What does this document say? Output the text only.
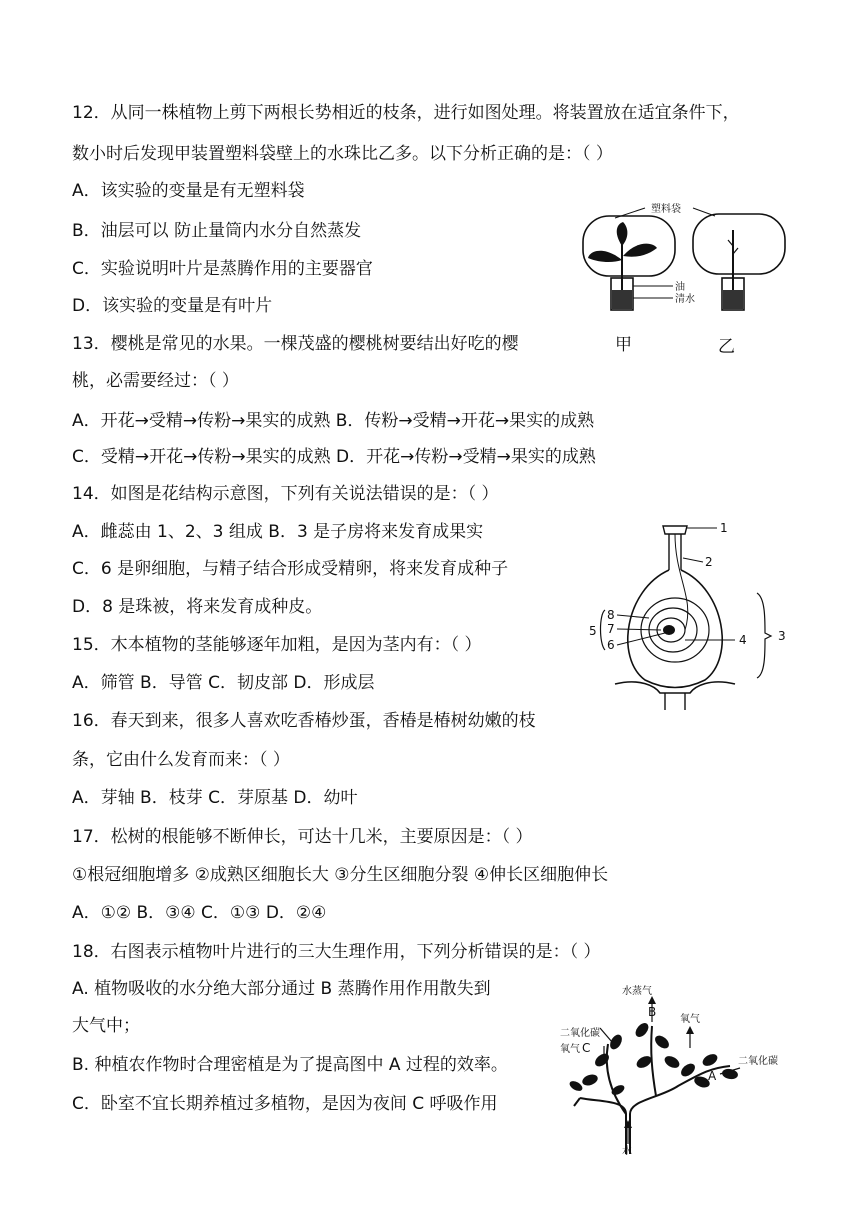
12．从同一株植物上剪下两根长势相近的枝条，进行如图处理。将装置放在适宜条件下，
数小时后发现甲装置塑料袋壁上的水珠比乙多。以下分析正确的是：（ ）
A．该实验的变量是有无塑料袋
B．油层可以 防止量筒内水分自然蒸发
C．实验说明叶片是蒸腾作用的主要器官
D．该实验的变量是有叶片
塑料袋
油
清水
13．樱桃是常见的水果。一棵茂盛的樱桃树要结出好吃的樱	甲	乙
桃，必需要经过：（ ）
A．开花→受精→传粉→果实的成熟 B．传粉→受精→开花→果实的成熟
C．受精→开花→传粉→果实的成熟 D．开花→传粉→受精→果实的成熟
14．如图是花结构示意图，下列有关说法错误的是：（ ）
A．雌蕊由 1、2、3 组成 B．3 是子房将来发育成果实
C．6 是卵细胞，与精子结合形成受精卵，将来发育成种子
D．8 是珠被，将来发育成种皮。
1
2
3
4
5
6
7
8
15．木本植物的茎能够逐年加粗，是因为茎内有：（ ）
A．筛管 B．导管 C．韧皮部 D．形成层
16．春天到来，很多人喜欢吃香椿炒蛋，香椿是椿树幼嫩的枝
条，它由什么发育而来：（ ）
A．芽轴 B．枝芽 C．芽原基 D．幼叶
17．松树的根能够不断伸长，可达十几米，主要原因是：（ ）
①根冠细胞增多 ②成熟区细胞长大 ③分生区细胞分裂 ④伸长区细胞伸长
A．①② B．③④ C．①③ D．②④
18．右图表示植物叶片进行的三大生理作用，下列分析错误的是：（ ）
A. 植物吸收的水分绝大部分通过 B 蒸腾作用作用散失到
大气中；
B. 种植农作物时合理密植是为了提高图中 A 过程的效率。
C．卧室不宜长期养植过多植物，是因为夜间 C 呼吸作用
水蒸气
B
二氧化碳
氧气 C
氧气
二氧化碳
A
水
